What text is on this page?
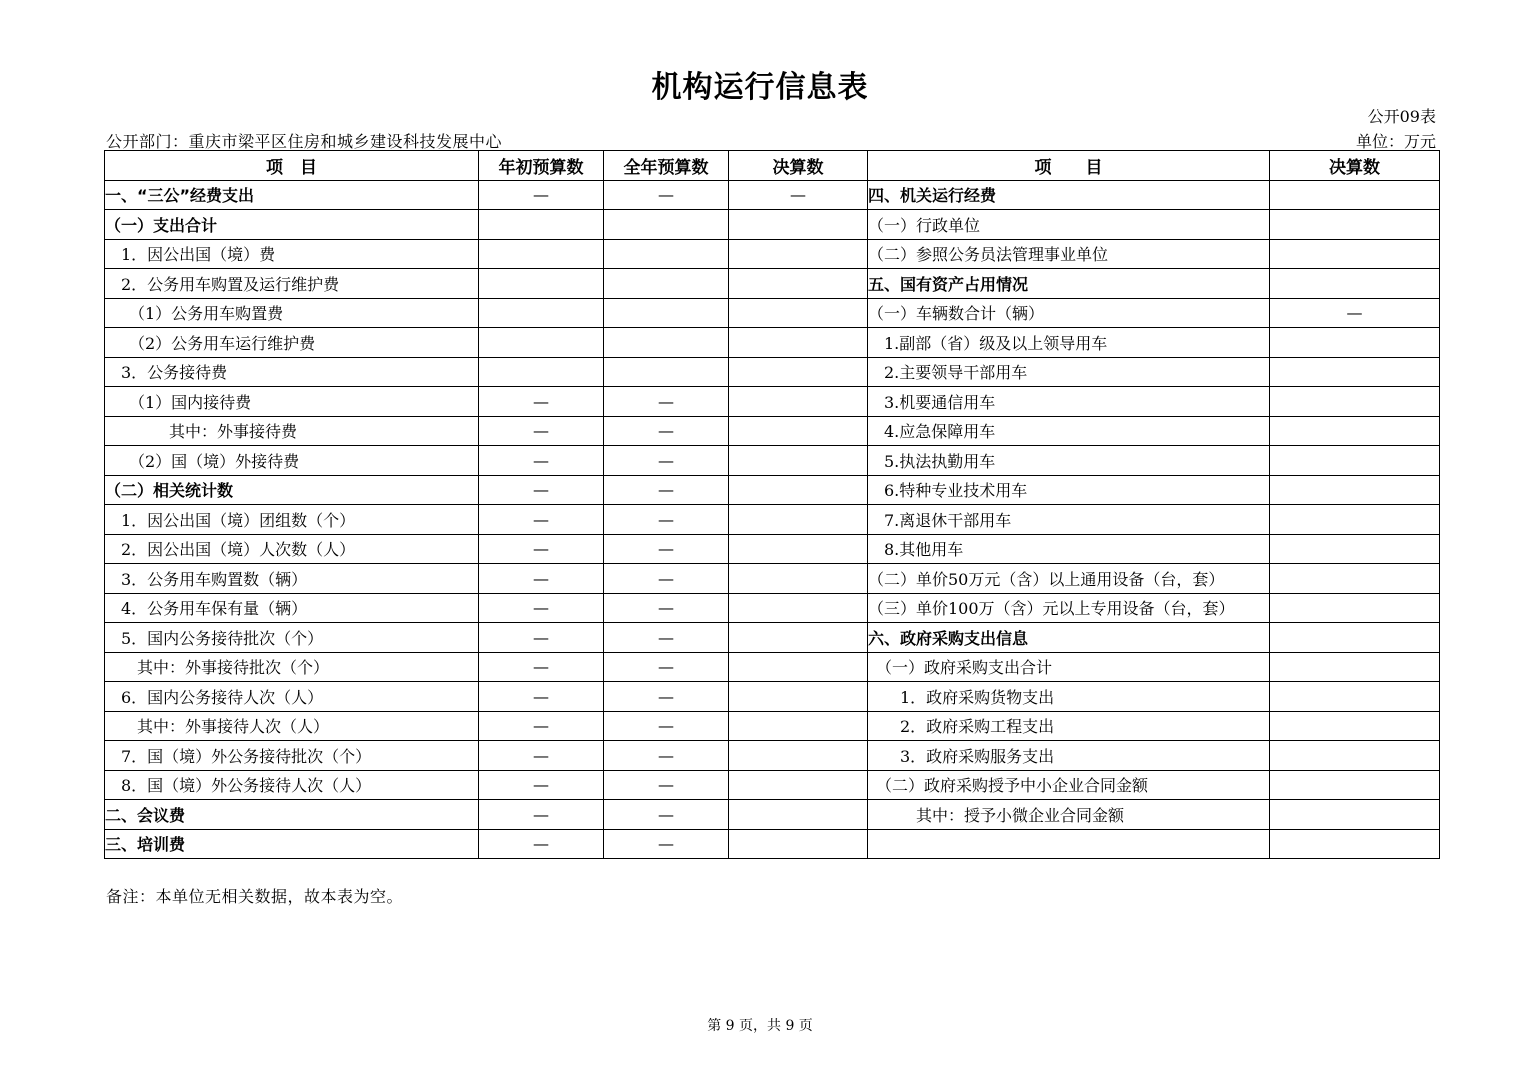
机构运行信息表
公开09表
公开部门：重庆市梁平区住房和城乡建设科技发展中心	单位：万元
项　目	年初预算数	全年预算数	决算数	项　　目	决算数
一、“三公”经费支出	—	—	—	四、机关运行经费	
（一）支出合计				（一）行政单位	
　1．因公出国（境）费				（二）参照公务员法管理事业单位	
　2．公务用车购置及运行维护费				五、国有资产占用情况	
　　（1）公务用车购置费				（一）车辆数合计（辆）	—
　　（2）公务用车运行维护费				　1.副部（省）级及以上领导用车	
　3．公务接待费				　2.主要领导干部用车	
　　（1）国内接待费	—	—		　3.机要通信用车	
　　　　其中：外事接待费	—	—		　4.应急保障用车	
　　（2）国（境）外接待费	—	—		　5.执法执勤用车	
（二）相关统计数	—	—		　6.特种专业技术用车	
　1．因公出国（境）团组数（个）	—	—		　7.离退休干部用车	
　2．因公出国（境）人次数（人）	—	—		　8.其他用车	
　3．公务用车购置数（辆）	—	—		（二）单价50万元（含）以上通用设备（台，套）	
　4．公务用车保有量（辆）	—	—		（三）单价100万（含）元以上专用设备（台，套）	
　5．国内公务接待批次（个）	—	—		六、政府采购支出信息	
　　其中：外事接待批次（个）	—	—		　（一）政府采购支出合计	
　6．国内公务接待人次（人）	—	—		　　1．政府采购货物支出	
　　其中：外事接待人次（人）	—	—		　　2．政府采购工程支出	
　7．国（境）外公务接待批次（个）	—	—		　　3．政府采购服务支出	
　8．国（境）外公务接待人次（人）	—	—		　（二）政府采购授予中小企业合同金额	
二、会议费	—	—		　　　其中：授予小微企业合同金额	
三、培训费	—	—			
备注：本单位无相关数据，故本表为空。
第 9 页，共 9 页
